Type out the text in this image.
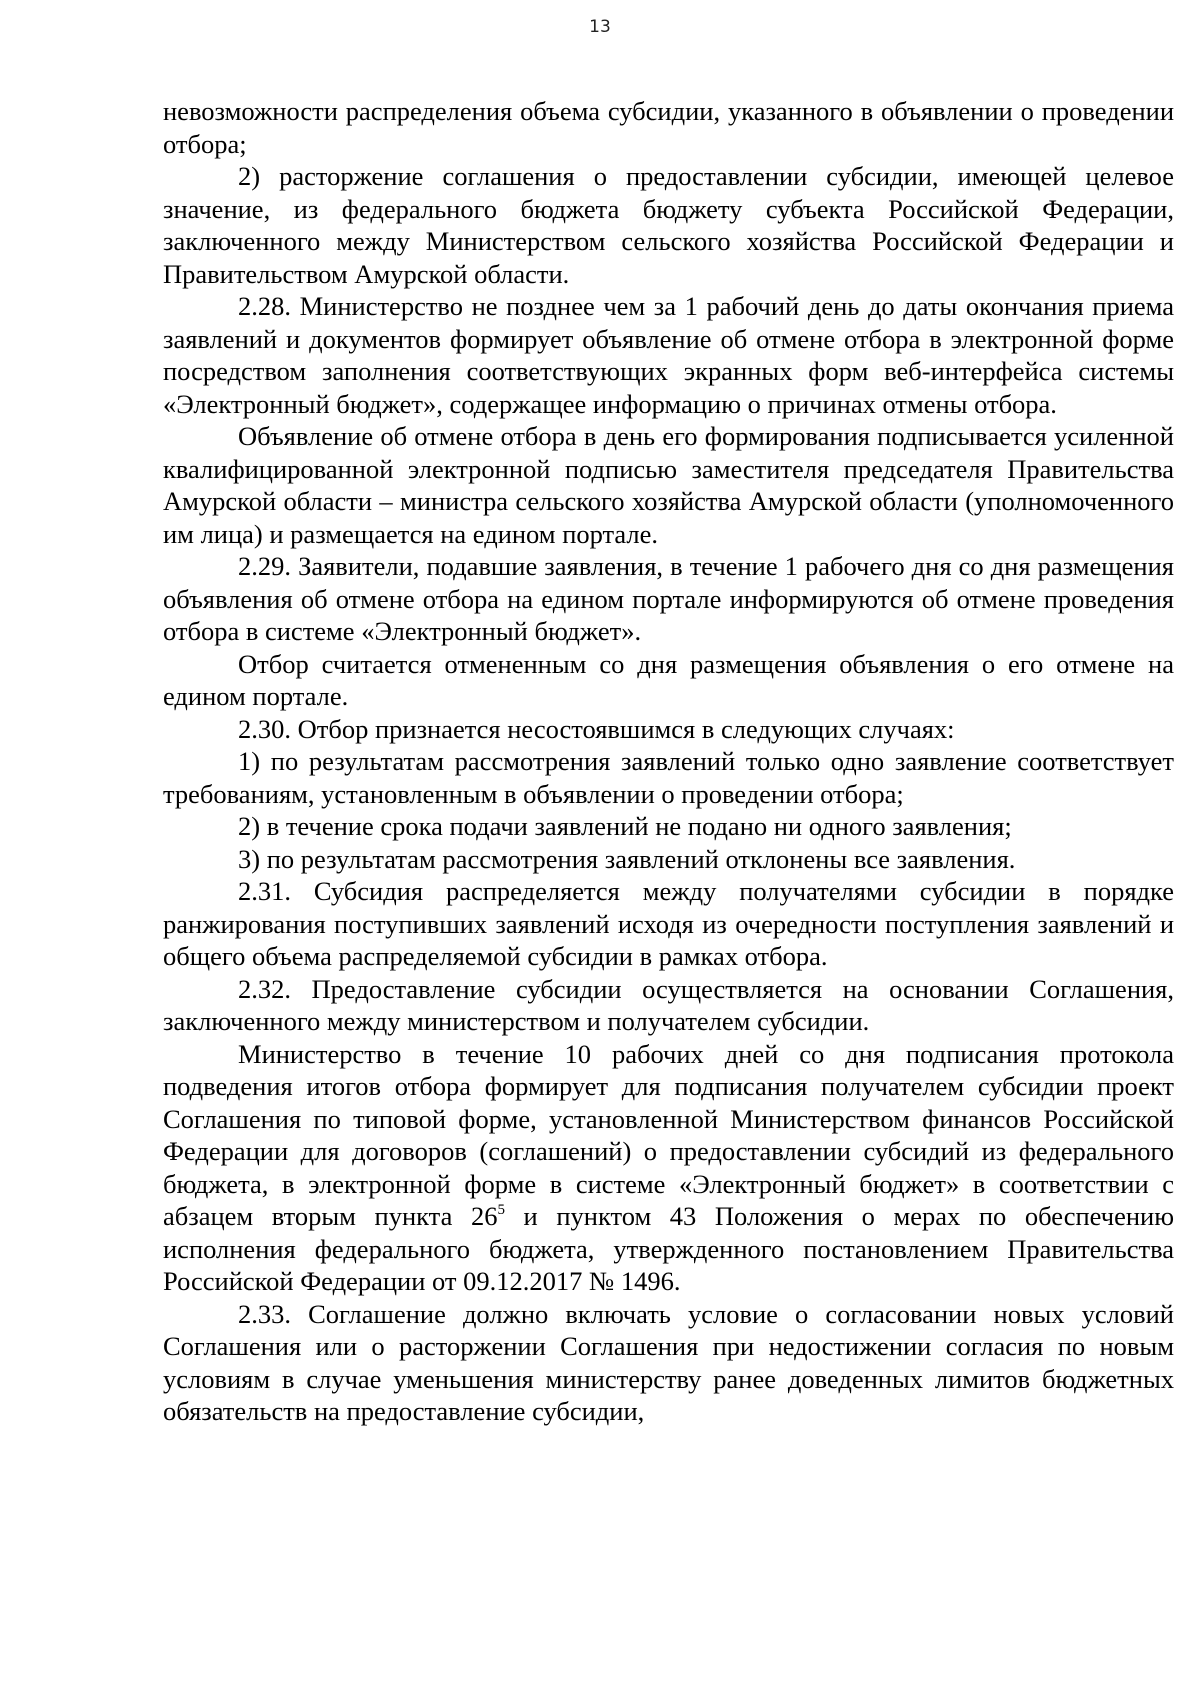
13

невозможности распределения объема субсидии, указанного в объявлении о проведении отбора;

2) расторжение соглашения о предоставлении субсидии, имеющей целевое значение, из федерального бюджета бюджету субъекта Российской Федерации, заключенного между Министерством сельского хозяйства Российской Федерации и Правительством Амурской области.

2.28. Министерство не позднее чем за 1 рабочий день до даты окончания приема заявлений и документов формирует объявление об отмене отбора в электронной форме посредством заполнения соответствующих экранных форм веб-интерфейса системы «Электронный бюджет», содержащее информацию о причинах отмены отбора.

Объявление об отмене отбора в день его формирования подписывается усиленной квалифицированной электронной подписью заместителя председателя Правительства Амурской области – министра сельского хозяйства Амурской области (уполномоченного им лица) и размещается на едином портале.

2.29. Заявители, подавшие заявления, в течение 1 рабочего дня со дня размещения объявления об отмене отбора на едином портале информируются об отмене проведения отбора в системе «Электронный бюджет».

Отбор считается отмененным со дня размещения объявления о его отмене на едином портале.

2.30. Отбор признается несостоявшимся в следующих случаях:

1) по результатам рассмотрения заявлений только одно заявление соответствует требованиям, установленным в объявлении о проведении отбора;

2) в течение срока подачи заявлений не подано ни одного заявления;

3) по результатам рассмотрения заявлений отклонены все заявления.

2.31. Субсидия распределяется между получателями субсидии в порядке ранжирования поступивших заявлений исходя из очередности поступления заявлений и общего объема распределяемой субсидии в рамках отбора.

2.32. Предоставление субсидии осуществляется на основании Соглашения, заключенного между министерством и получателем субсидии.

Министерство в течение 10 рабочих дней со дня подписания протокола подведения итогов отбора формирует для подписания получателем субсидии проект Соглашения по типовой форме, установленной Министерством финансов Российской Федерации для договоров (соглашений) о предоставлении субсидий из федерального бюджета, в электронной форме в системе «Электронный бюджет» в соответствии с абзацем вторым пункта $26^5$ и пунктом 43 Положения о мерах по обеспечению исполнения федерального бюджета, утвержденного постановлением Правительства Российской Федерации от 09.12.2017 № 1496.

2.33. Соглашение должно включать условие о согласовании новых условий Соглашения или о расторжении Соглашения при недостижении согласия по новым условиям в случае уменьшения министерству ранее доведенных лимитов бюджетных обязательств на предоставление субсидии,
